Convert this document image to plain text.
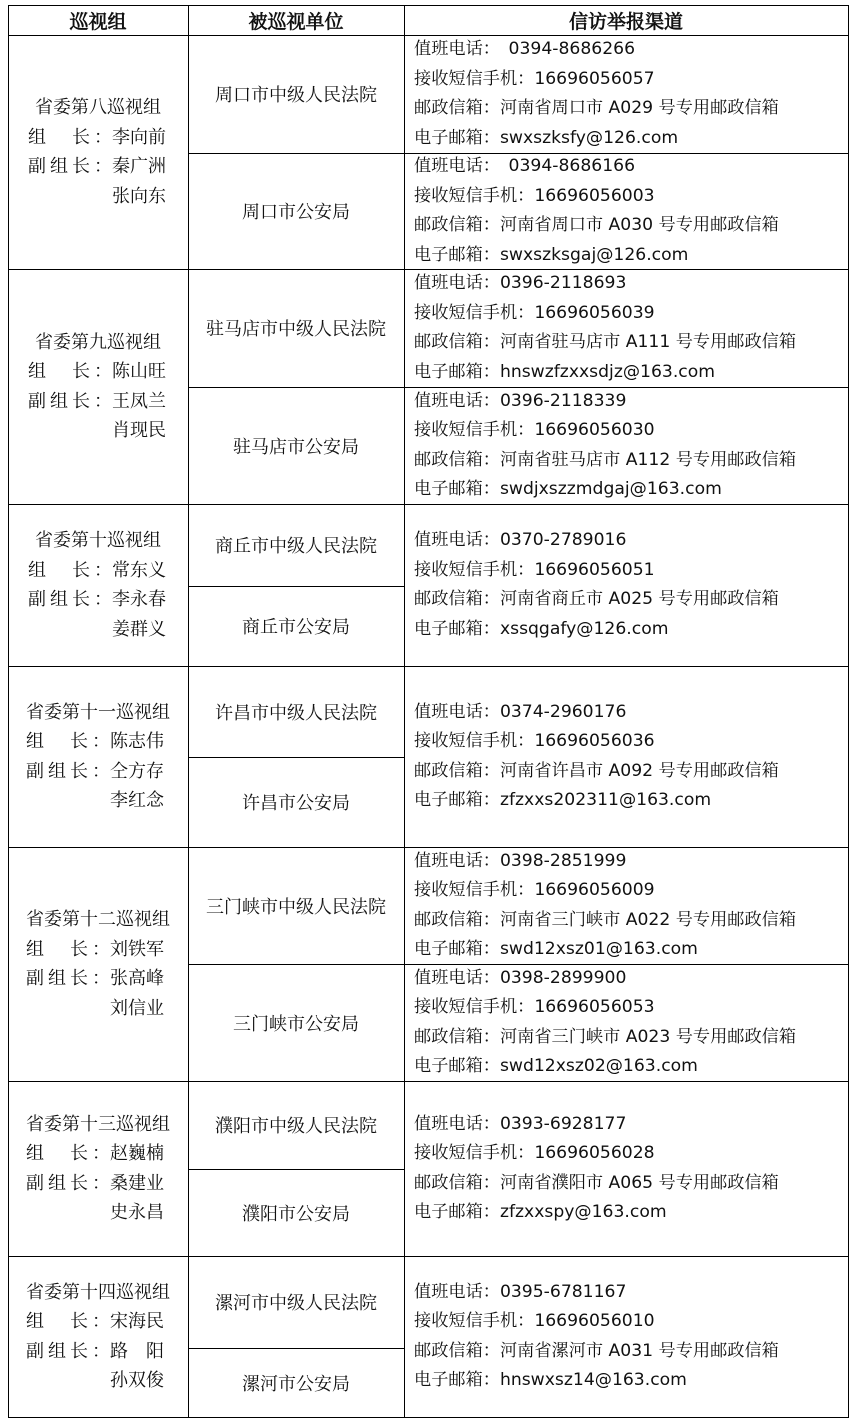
巡视组	被巡视单位	信访举报渠道
省委第八巡视组
组　长：李向前
副组长：秦广洲
张向东
周口市中级人民法院
周口市公安局
值班电话：　0394-8686266
接收短信手机：16696056057
邮政信箱：河南省周口市 A029 号专用邮政信箱
电子邮箱：swxszksfy@126.com
值班电话：　0394-8686166
接收短信手机：16696056003
邮政信箱：河南省周口市 A030 号专用邮政信箱
电子邮箱：swxszksgaj@126.com
省委第九巡视组
组　长：陈山旺
副组长：王凤兰
肖现民
驻马店市中级人民法院
驻马店市公安局
值班电话：0396-2118693
接收短信手机：16696056039
邮政信箱：河南省驻马店市 A111 号专用邮政信箱
电子邮箱：hnswzfzxxsdjz@163.com
值班电话：0396-2118339
接收短信手机：16696056030
邮政信箱：河南省驻马店市 A112 号专用邮政信箱
电子邮箱：swdjxszzmdgaj@163.com
省委第十巡视组
组　长：常东义
副组长：李永春
姜群义
商丘市中级人民法院
商丘市公安局
值班电话：0370-2789016
接收短信手机：16696056051
邮政信箱：河南省商丘市 A025 号专用邮政信箱
电子邮箱：xssqgafy@126.com
省委第十一巡视组
组　长：陈志伟
副组长：仝方存
李红念
许昌市中级人民法院
许昌市公安局
值班电话：0374-2960176
接收短信手机：16696056036
邮政信箱：河南省许昌市 A092 号专用邮政信箱
电子邮箱：zfzxxs202311@163.com
省委第十二巡视组
组　长：刘铁军
副组长：张高峰
刘信业
三门峡市中级人民法院
三门峡市公安局
值班电话：0398-2851999
接收短信手机：16696056009
邮政信箱：河南省三门峡市 A022 号专用邮政信箱
电子邮箱：swd12xsz01@163.com
值班电话：0398-2899900
接收短信手机：16696056053
邮政信箱：河南省三门峡市 A023 号专用邮政信箱
电子邮箱：swd12xsz02@163.com
省委第十三巡视组
组　长：赵巍楠
副组长：桑建业
史永昌
濮阳市中级人民法院
濮阳市公安局
值班电话：0393-6928177
接收短信手机：16696056028
邮政信箱：河南省濮阳市 A065 号专用邮政信箱
电子邮箱：zfzxxspy@163.com
省委第十四巡视组
组　长：宋海民
副组长：路　阳
孙双俊
漯河市中级人民法院
漯河市公安局
值班电话：0395-6781167
接收短信手机：16696056010
邮政信箱：河南省漯河市 A031 号专用邮政信箱
电子邮箱：hnswxsz14@163.com
